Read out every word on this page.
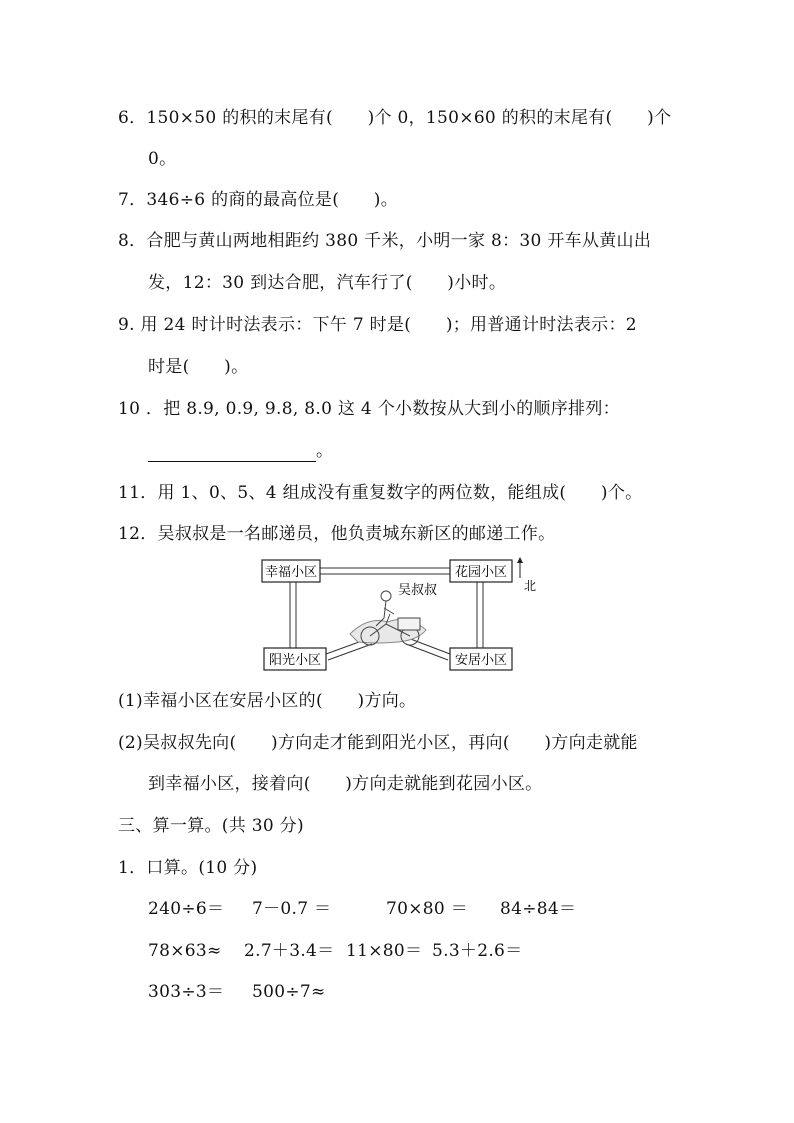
6．150×50 的积的末尾有(　　)个 0，150×60 的积的末尾有(　　)个
0。
7．346÷6 的商的最高位是(　　)。
8．合肥与黄山两地相距约 380 千米，小明一家 8：30 开车从黄山出
发，12：30 到达合肥，汽车行了(　　)小时。
9. 用 24 时计时法表示：下午 7 时是(　　)；用普通计时法表示：2
时是(　　)。
10 ．把 8.9, 0.9, 9.8, 8.0 这 4 个小数按从大到小的顺序排列：
。
11．用 1、0、5、4 组成没有重复数字的两位数，能组成(　　)个。
12．吴叔叔是一名邮递员，他负责城东新区的邮递工作。
幸福小区	花园小区
阳光小区	安居小区
北
吴叔叔
(1)幸福小区在安居小区的(　　)方向。
(2)吴叔叔先向(　　)方向走才能到阳光小区，再向(　　)方向走就能
到幸福小区，接着向(　　)方向走就能到花园小区。
三、算一算。(共 30 分)
1．口算。(10 分)
240÷6＝ 7－0.7 ＝	70×80 ＝ 84÷84＝
78×63≈ 2.7＋3.4＝ 11×80＝ 5.3＋2.6＝
303÷3＝ 500÷7≈
